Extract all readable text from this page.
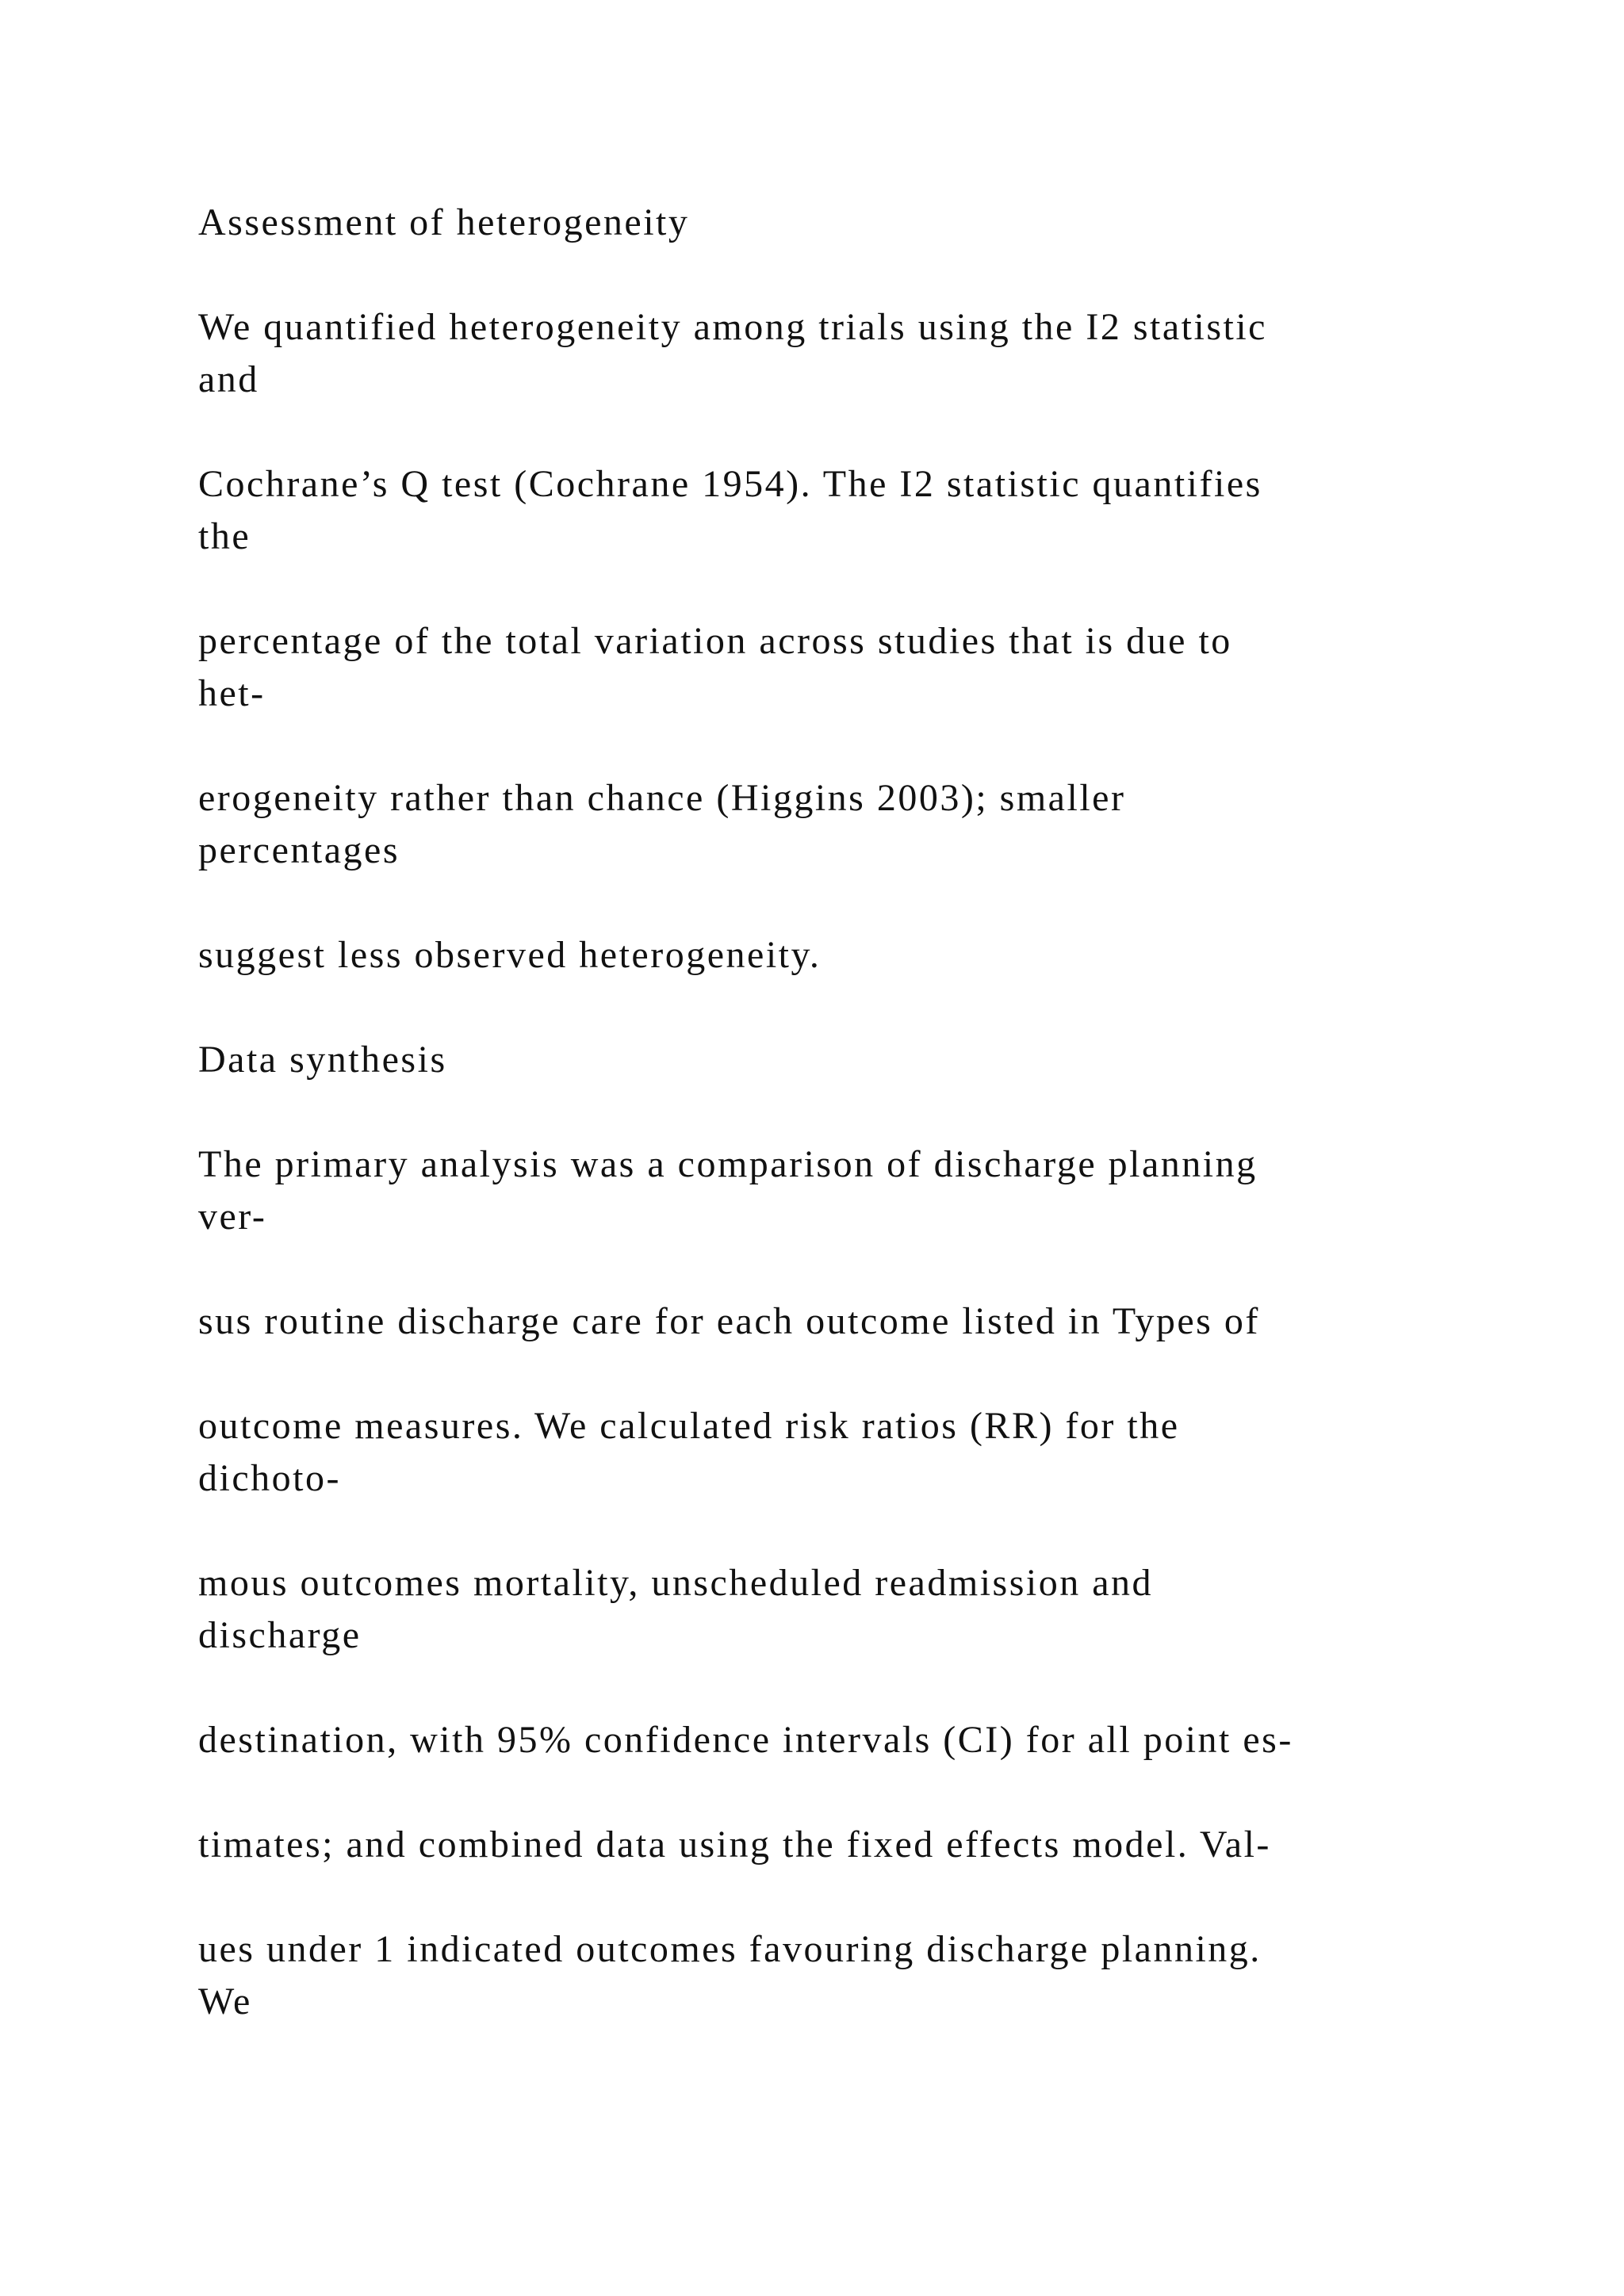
Assessment of heterogeneity

We quantified heterogeneity among trials using the I2 statistic
and

Cochrane’s Q test (Cochrane 1954). The I2 statistic quantifies
the

percentage of the total variation across studies that is due to
het-

erogeneity rather than chance (Higgins 2003); smaller
percentages

suggest less observed heterogeneity.

Data synthesis

The primary analysis was a comparison of discharge planning
ver-

sus routine discharge care for each outcome listed in Types of

outcome measures. We calculated risk ratios (RR) for the
dichoto-

mous outcomes mortality, unscheduled readmission and
discharge

destination, with 95% confidence intervals (CI) for all point es-

timates; and combined data using the fixed effects model. Val-

ues under 1 indicated outcomes favouring discharge planning.
We
